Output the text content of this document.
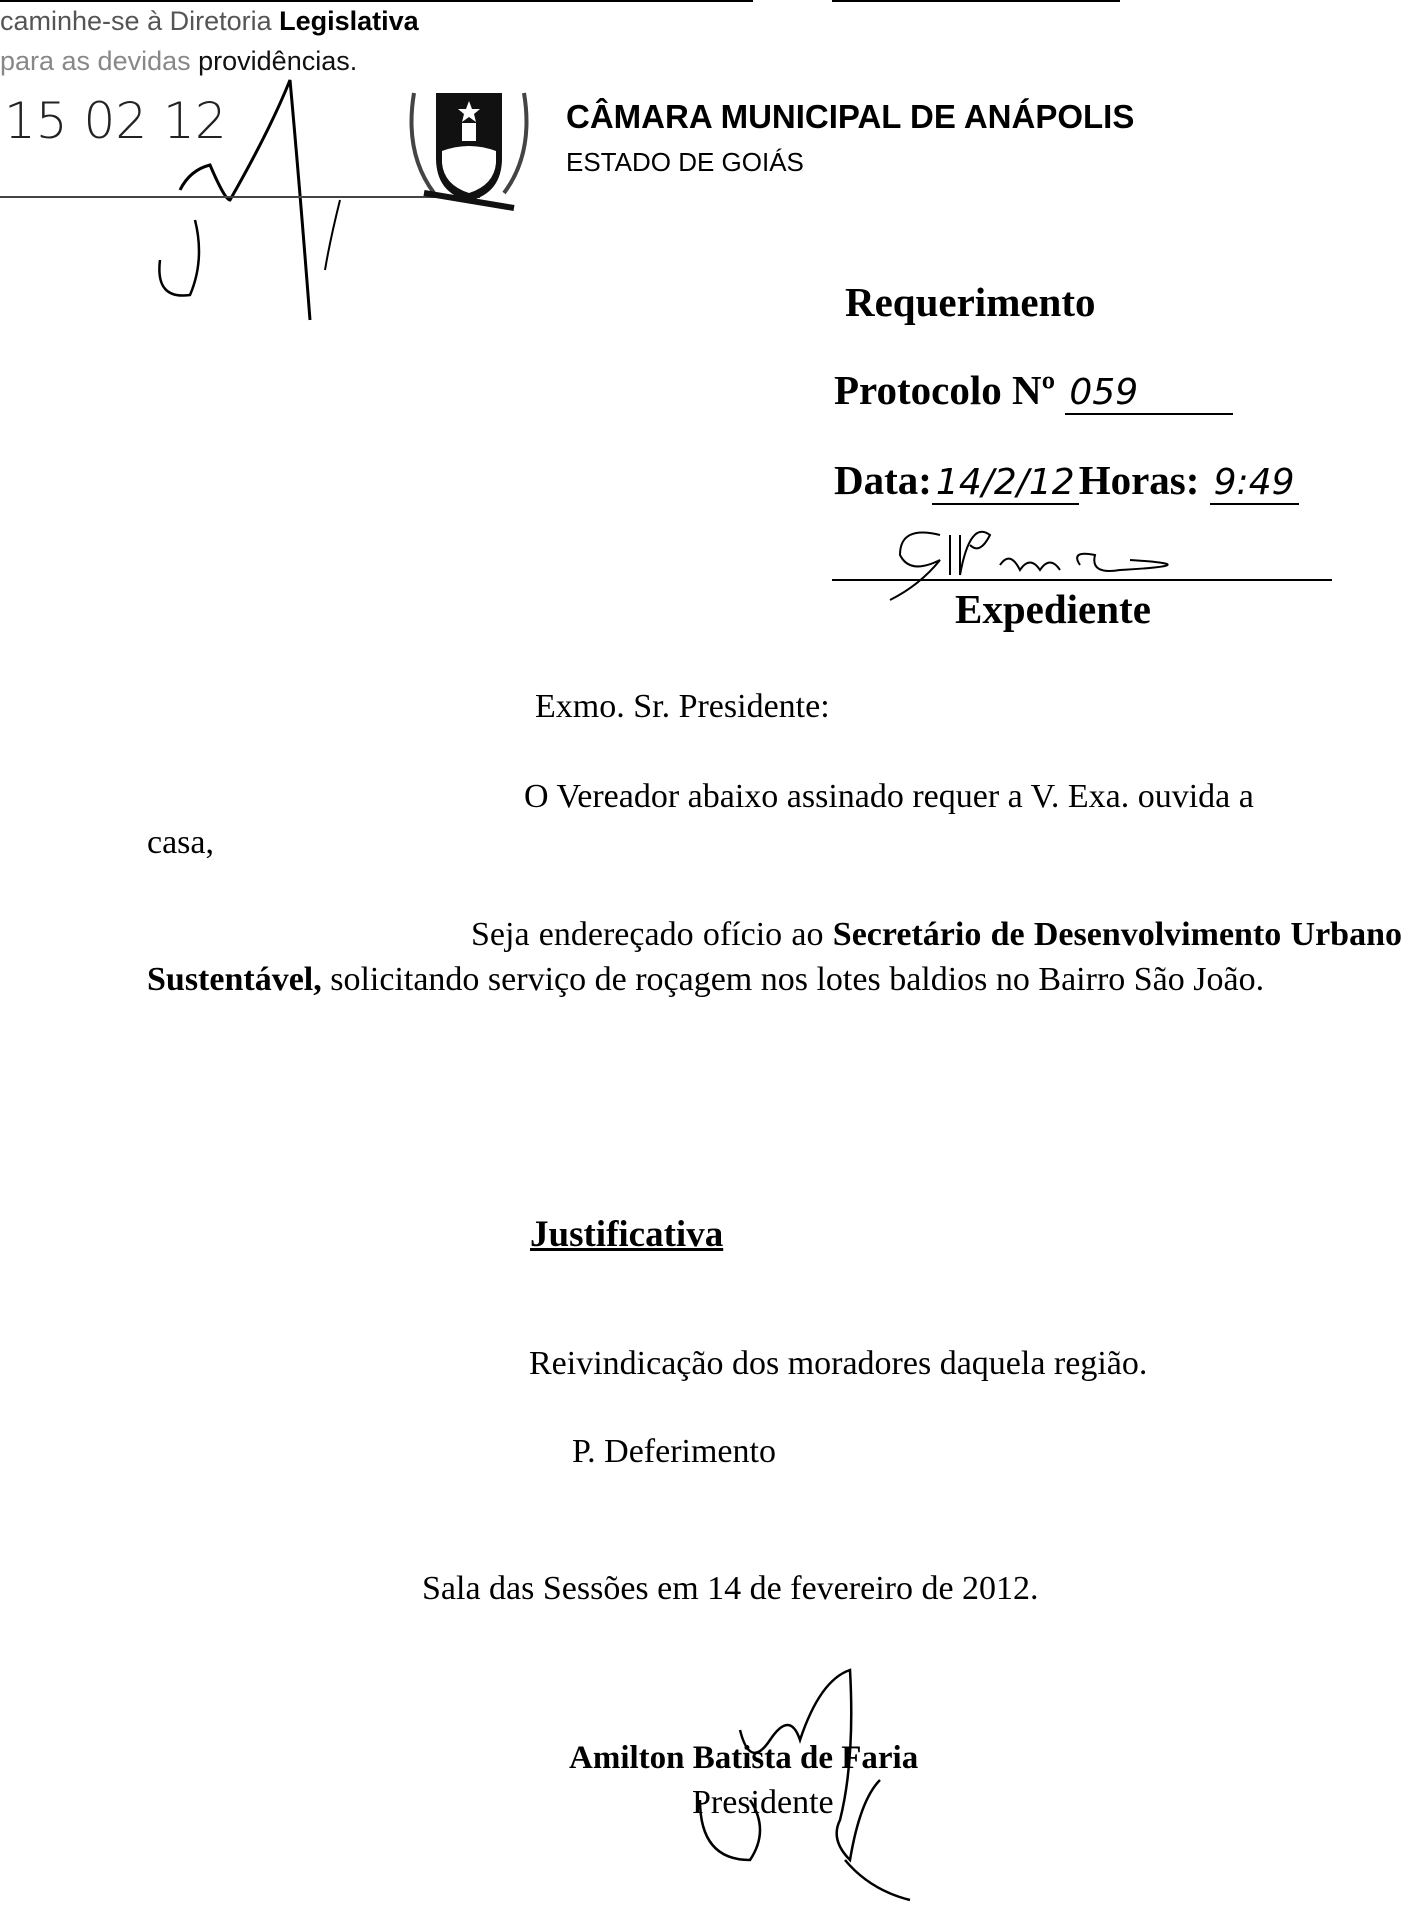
caminhe-se à Diretoria Legislativa
para as devidas providências.
15 02 12	CÂMARA MUNICIPAL DE ANÁPOLIS
ESTADO DE GOIÁS
Requerimento
Protocolo Nº 059
Data: 14/2/12Horas: 9:49
Expediente
Exmo. Sr. Presidente:
O Vereador abaixo assinado requer a V. Exa. ouvida a
casa,
Seja endereçado ofício ao Secretário de Desenvolvimento Urbano Sustentável, solicitando serviço de roçagem nos lotes baldios no Bairro São João.
Justificativa
Reivindicação dos moradores daquela região.
P. Deferimento
Sala das Sessões em 14 de fevereiro de 2012.
Amilton Batista de Faria
Presidente
